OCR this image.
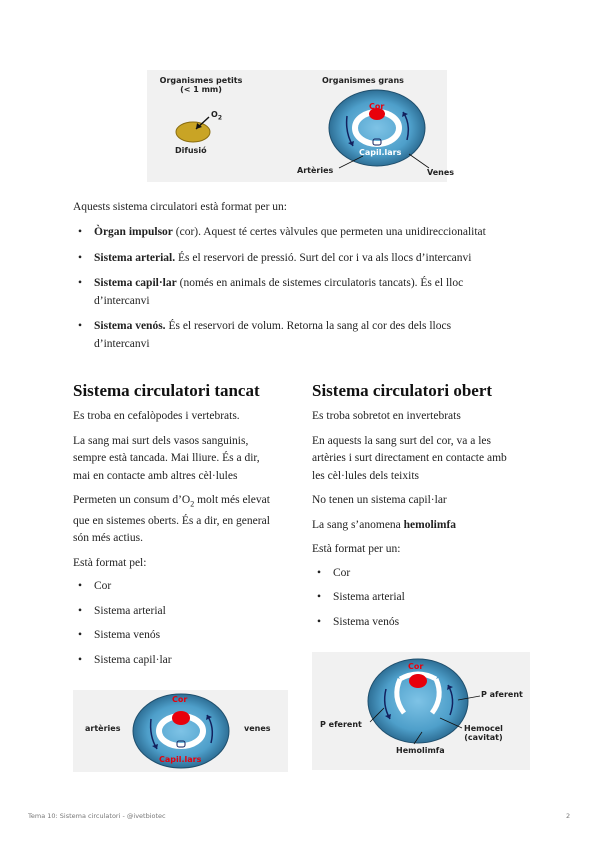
Organismes petits
(< 1 mm)
$O_2$
Difusió
Organismes grans
Cor
Capil.lars
Artèries	Venes
Aquests sistema circulatori està format per un:
• Òrgan impulsor (cor). Aquest té certes vàlvules que permeten una unidireccionalitat
• Sistema arterial. És el reservori de pressió. Surt del cor i va als llocs d’intercanvi
• Sistema capil·lar (només en animals de sistemes circulatoris tancats). És el lloc
d’intercanvi
• Sistema venós. És el reservori de volum. Retorna la sang al cor des dels llocs
d’intercanvi
Sistema circulatori tancat
Es troba en cefalòpodes i vertebrats.
La sang mai surt dels vasos sanguinis,
sempre està tancada. Mai lliure. És a dir,
mai en contacte amb altres cèl·lules
Permeten un consum $d’O_2$ molt més elevat
que en sistemes oberts. És a dir, en general
són més actius.
Està format pel:
• Cor
• Sistema arterial
• Sistema venós
• Sistema capil·lar
Cor
Capil.lars
artèries	venes
Sistema circulatori obert
Es troba sobretot en invertebrats
En aquests la sang surt del cor, va a les
artèries i surt directament en contacte amb
les cèl·lules dels teixits
No tenen un sistema capil·lar
La sang s’anomena hemolimfa
Està format per un:
• Cor
• Sistema arterial
• Sistema venós
Cor
P aferent
P eferent	Hemocel
(cavitat)
Hemolimfa
Tema 10: Sistema circulatori - @ivetbiotec	2
